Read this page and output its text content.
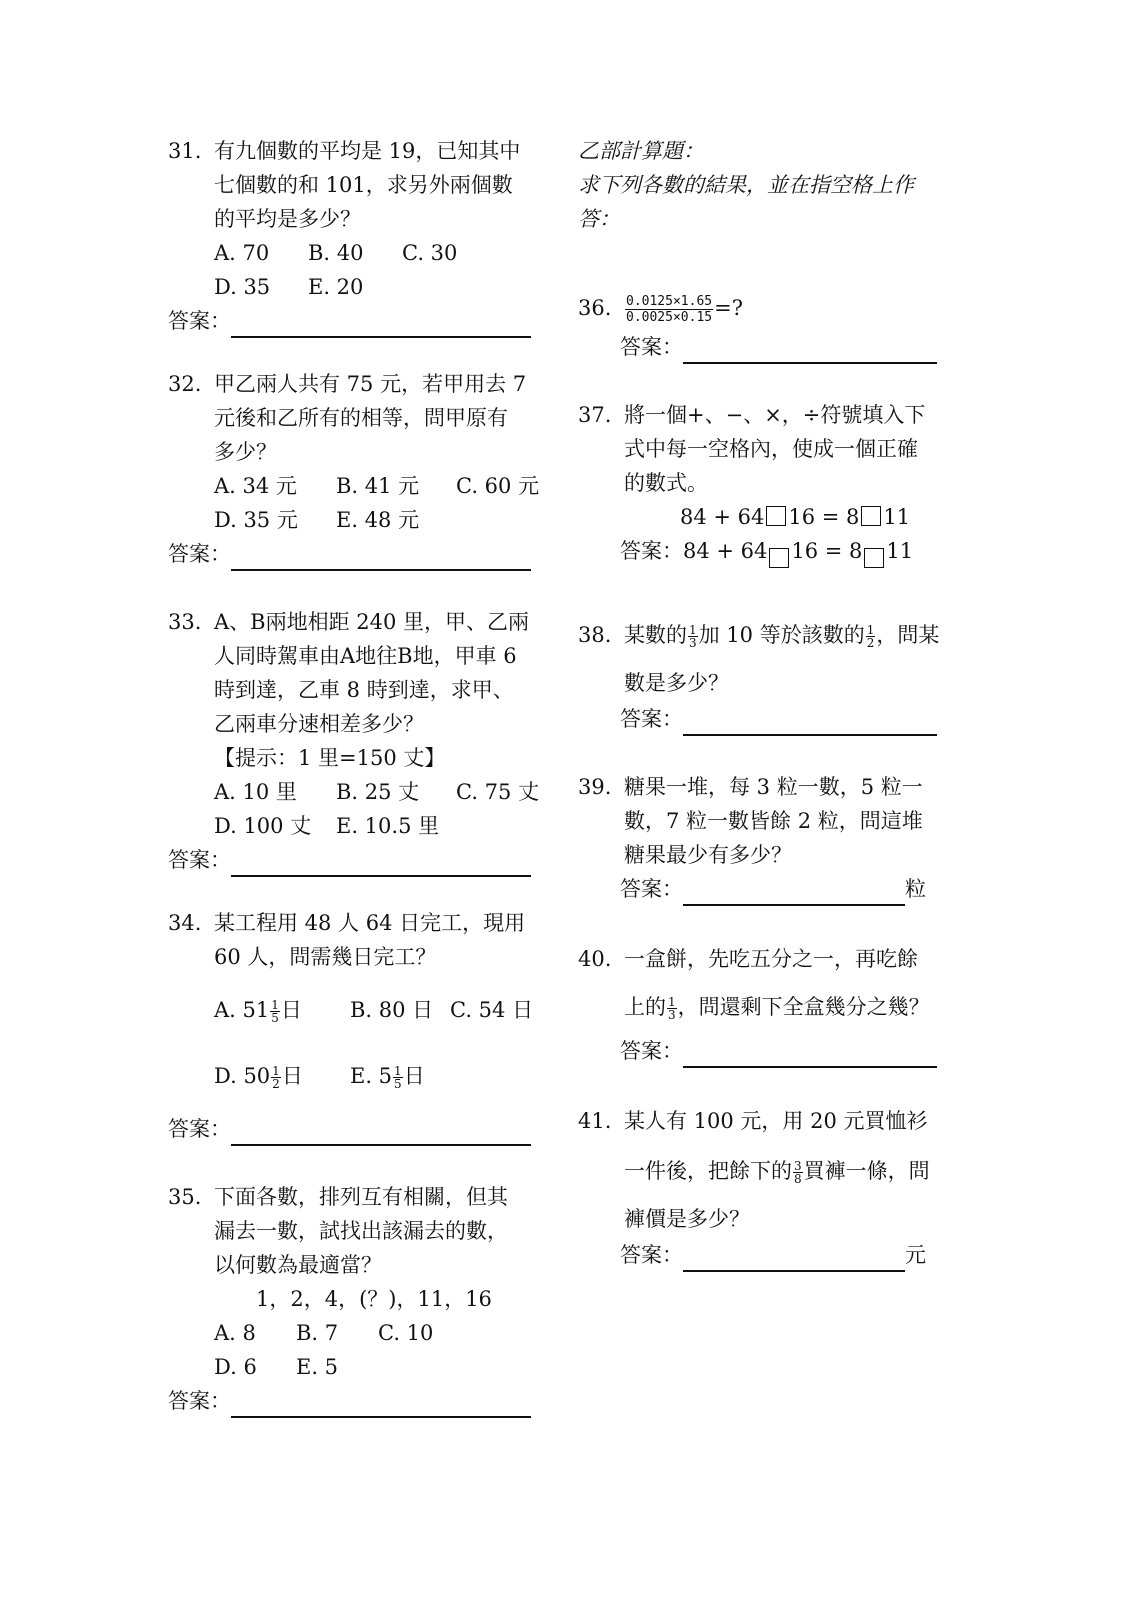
31. 有九個數的平均是 19，已知其中
七個數的和 101，求另外兩個數
的平均是多少？
A. 70	B. 40	C. 30
D. 35	E. 20
答案：
32. 甲乙兩人共有 75 元，若甲用去 7
元後和乙所有的相等，問甲原有
多少？
A. 34 元	B. 41 元	C. 60 元
D. 35 元	E. 48 元
答案：
33. A、B兩地相距 240 里，甲、乙兩
人同時駕車由A地往B地，甲車 6
時到達，乙車 8 時到達，求甲、
乙兩車分速相差多少？
【提示：1 里=150 丈】
A. 10 里	B. 25 丈	C. 75 丈
D. 100 丈	E. 10.5 里
答案：
34. 某工程用 48 人 64 日完工，現用
60 人，問需幾日完工？
A. $51 \frac{1}{5}$ 日	B. 80 日 C. 54 日
D. $50 \frac{1}{2}$ 日	E. $5 \frac{1}{5}$ 日
答案：
35. 下面各數，排列互有相關，但其
漏去一數，試找出該漏去的數，
以何數為最適當？
1，2，4，(？)，11，16
A. 8	B. 7	C. 10
D. 6	E. 5
答案：
乙部計算題：
求下列各數的結果，並在指空格上作
答：
36. $\frac{0.0125\times 1.65}{0.0025\times 0.15}$ =?
答案：
37. 將一個+、−、×，÷符號填入下
式中每一空格內，使成一個正確
的數式。
84 + 64 16 = 8 11
答案： 84 + 64 16 = 8 11
38. 某數的 $\frac{1}{3}$ 加 10 等於該數的 $\frac{1}{2}$ ，問某
數是多少？
答案：
39. 糖果一堆，每 3 粒一數，5 粒一
數，7 粒一數皆餘 2 粒，問這堆
糖果最少有多少？
答案：	粒
40. 一盒餅，先吃五分之一，再吃餘
上的 $\frac{1}{3}$ ，問還剩下全盒幾分之幾？
答案：
41. 某人有 100 元，用 20 元買恤衫
一件後，把餘下的 $\frac{3}{8}$ 買褲一條，問
褲價是多少？
答案：	元
